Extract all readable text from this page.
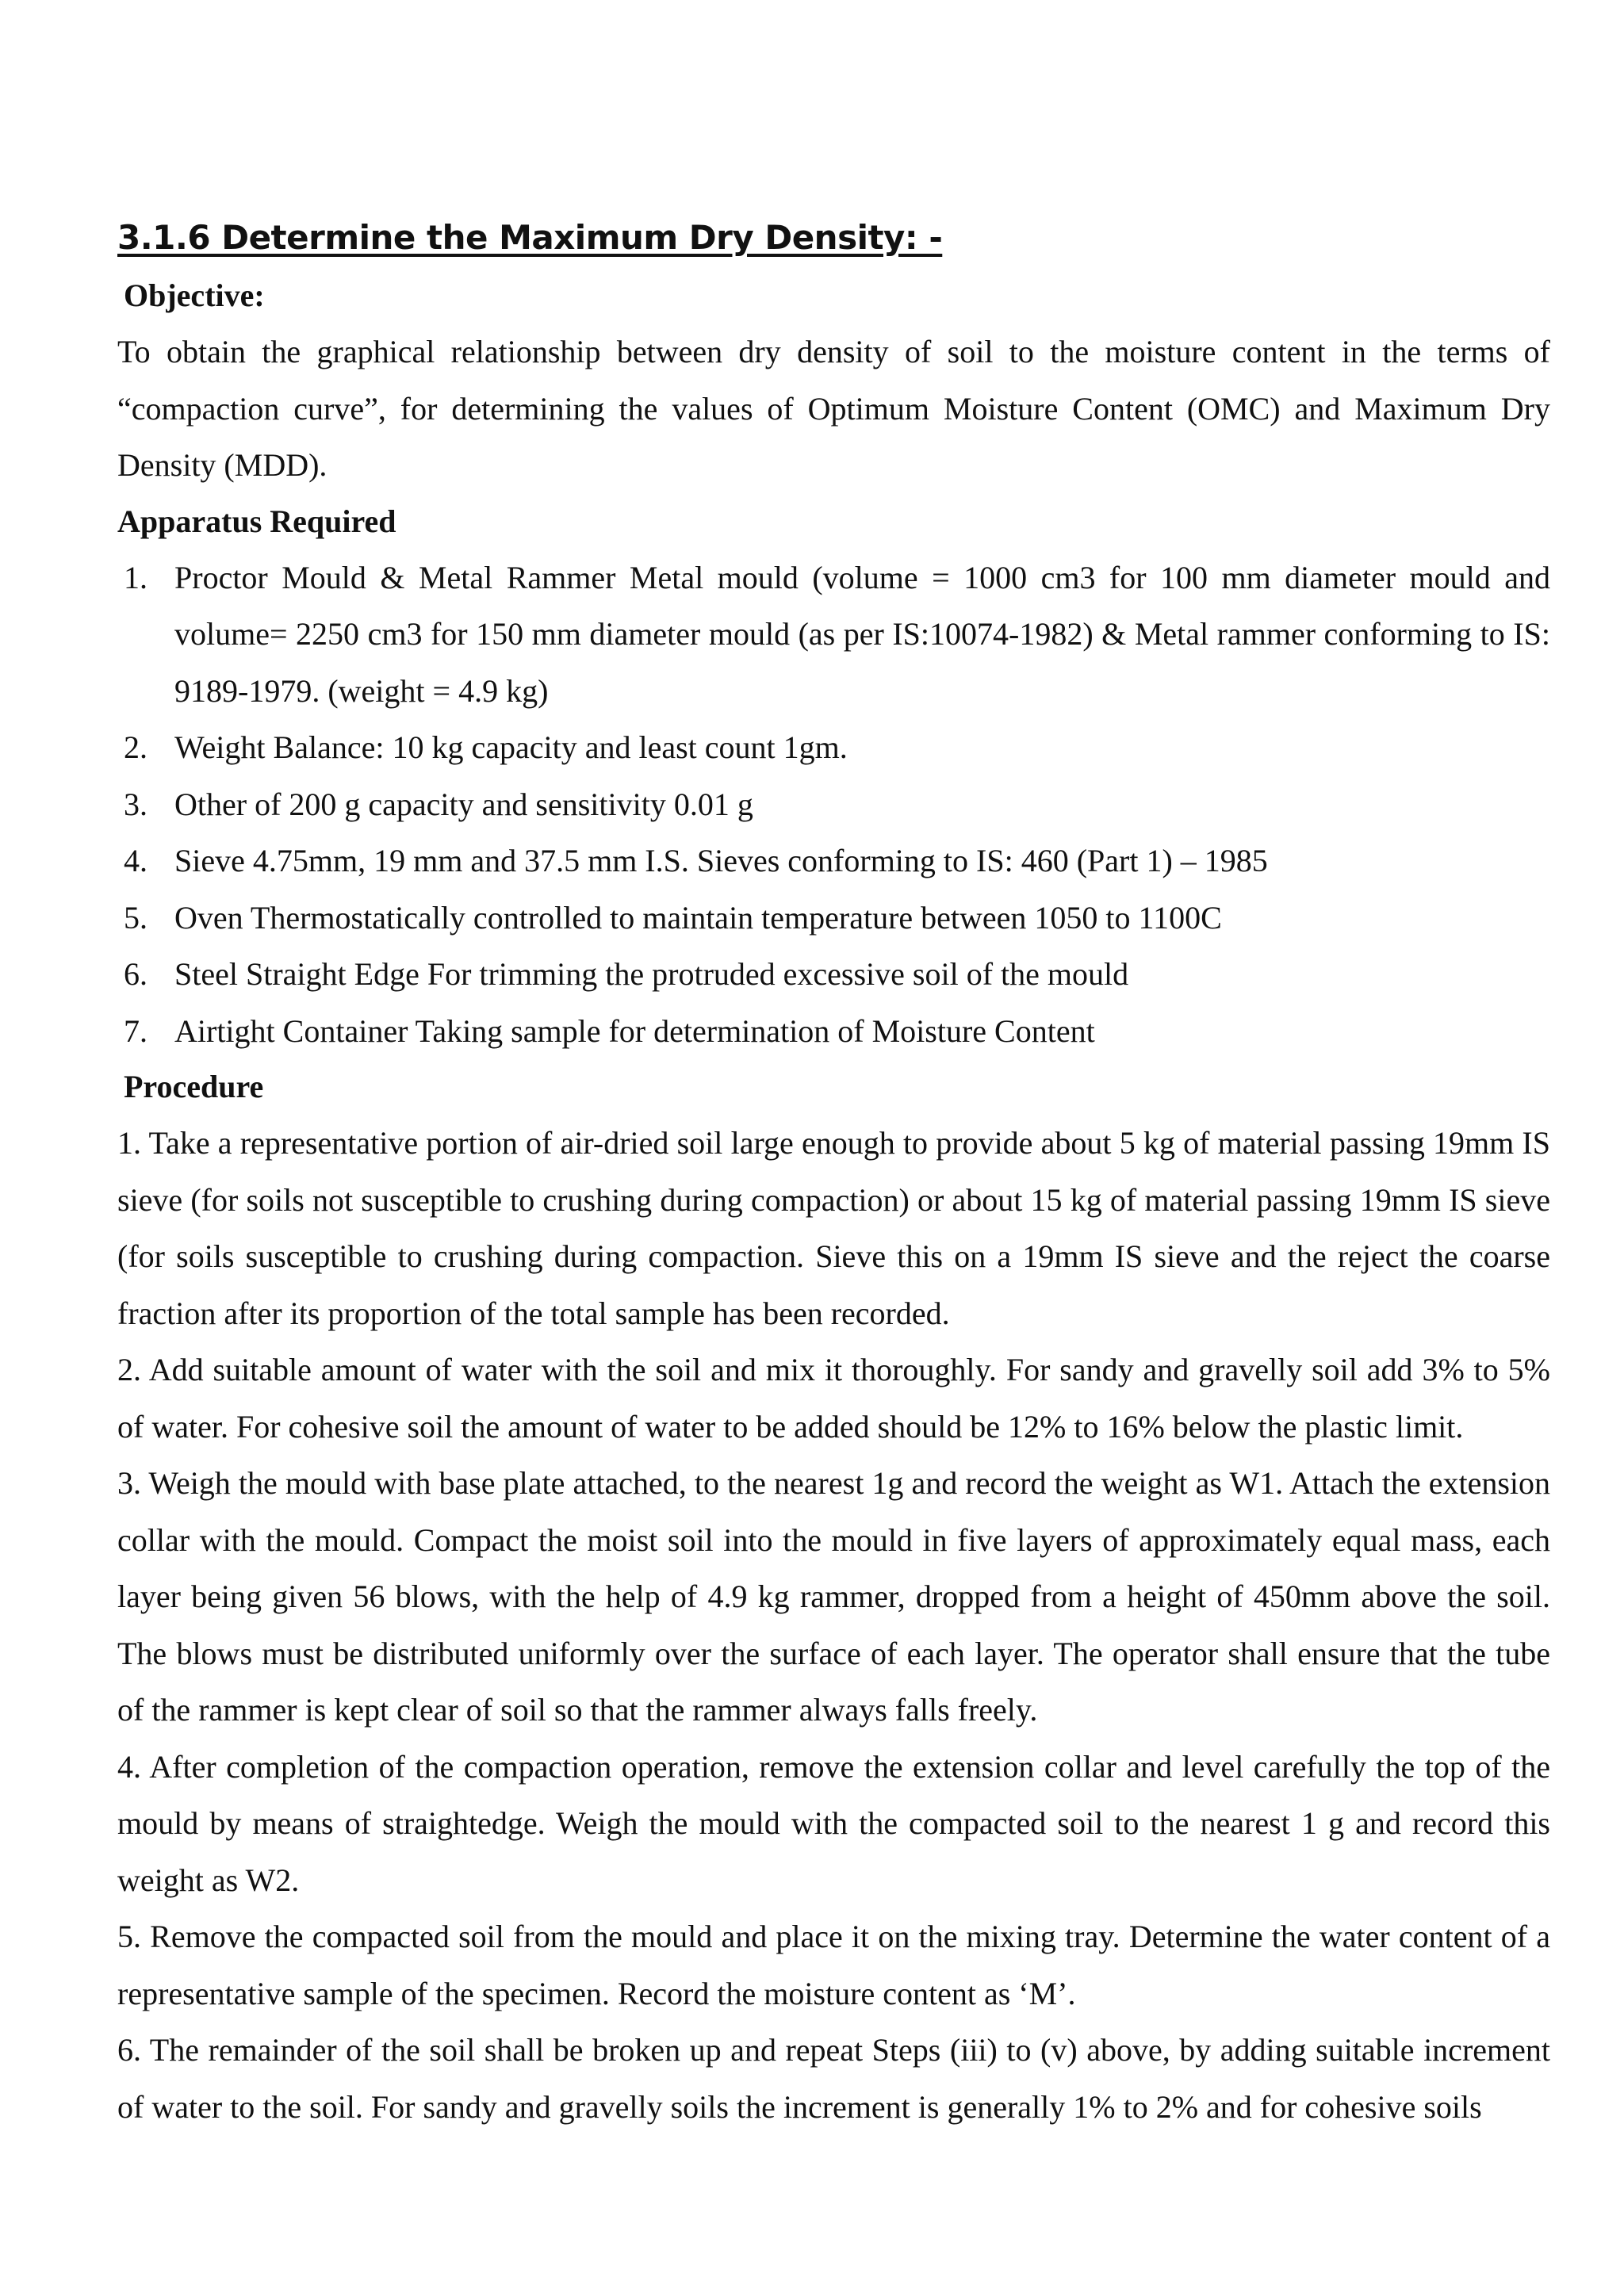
3.1.6 Determine the Maximum Dry Density: -
Objective:

To obtain the graphical relationship between dry density of soil to the moisture content in the terms of “compaction curve”, for determining the values of Optimum Moisture Content (OMC) and Maximum Dry Density (MDD).

Apparatus Required
1. Proctor Mould & Metal Rammer Metal mould (volume = 1000 cm3 for 100 mm diameter mould and volume= 2250 cm3 for 150 mm diameter mould (as per IS:10074-1982) & Metal rammer conforming to IS: 9189-1979. (weight = 4.9 kg)
2. Weight Balance: 10 kg capacity and least count 1gm.
3. Other of 200 g capacity and sensitivity 0.01 g
4. Sieve 4.75mm, 19 mm and 37.5 mm I.S. Sieves conforming to IS: 460 (Part 1) – 1985
5. Oven Thermostatically controlled to maintain temperature between 1050 to 1100C
6. Steel Straight Edge For trimming the protruded excessive soil of the mould
7. Airtight Container Taking sample for determination of Moisture Content
Procedure

1. Take a representative portion of air-dried soil large enough to provide about 5 kg of material passing 19mm IS sieve (for soils not susceptible to crushing during compaction) or about 15 kg of material passing 19mm IS sieve (for soils susceptible to crushing during compaction. Sieve this on a 19mm IS sieve and the reject the coarse fraction after its proportion of the total sample has been recorded.

2. Add suitable amount of water with the soil and mix it thoroughly. For sandy and gravelly soil add 3% to 5% of water. For cohesive soil the amount of water to be added should be 12% to 16% below the plastic limit.

3. Weigh the mould with base plate attached, to the nearest 1g and record the weight as W1. Attach the extension collar with the mould. Compact the moist soil into the mould in five layers of approximately equal mass, each layer being given 56 blows, with the help of 4.9 kg rammer, dropped from a height of 450mm above the soil. The blows must be distributed uniformly over the surface of each layer. The operator shall ensure that the tube of the rammer is kept clear of soil so that the rammer always falls freely.

4. After completion of the compaction operation, remove the extension collar and level carefully the top of the mould by means of straightedge. Weigh the mould with the compacted soil to the nearest 1 g and record this weight as W2.

5. Remove the compacted soil from the mould and place it on the mixing tray. Determine the water content of a representative sample of the specimen. Record the moisture content as ‘M’.

6. The remainder of the soil shall be broken up and repeat Steps (iii) to (v) above, by adding suitable increment of water to the soil. For sandy and gravelly soils the increment is generally 1% to 2% and for cohesive soils
